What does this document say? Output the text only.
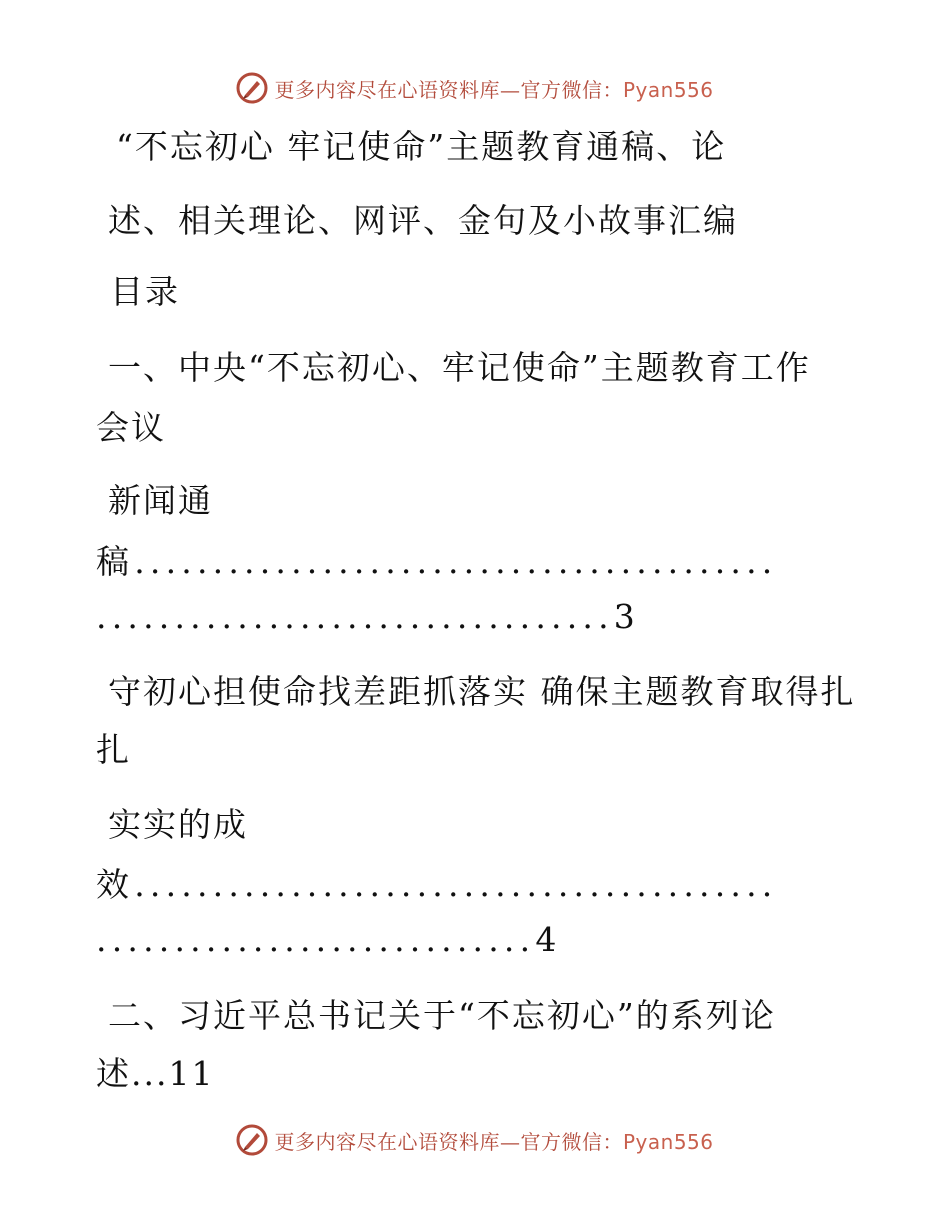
更多内容尽在心语资料库—官方微信：Pyan556
“不忘初心 牢记使命”主题教育通稿、论
述、相关理论、网评、金句及小故事汇编
目录
一、中央“不忘初心、牢记使命”主题教育工作
会议
新闻通
稿.........................................
.................................3
守初心担使命找差距抓落实 确保主题教育取得扎
扎
实实的成
效.........................................
............................4
二、习近平总书记关于“不忘初心”的系列论
述...11
更多内容尽在心语资料库—官方微信：Pyan556
